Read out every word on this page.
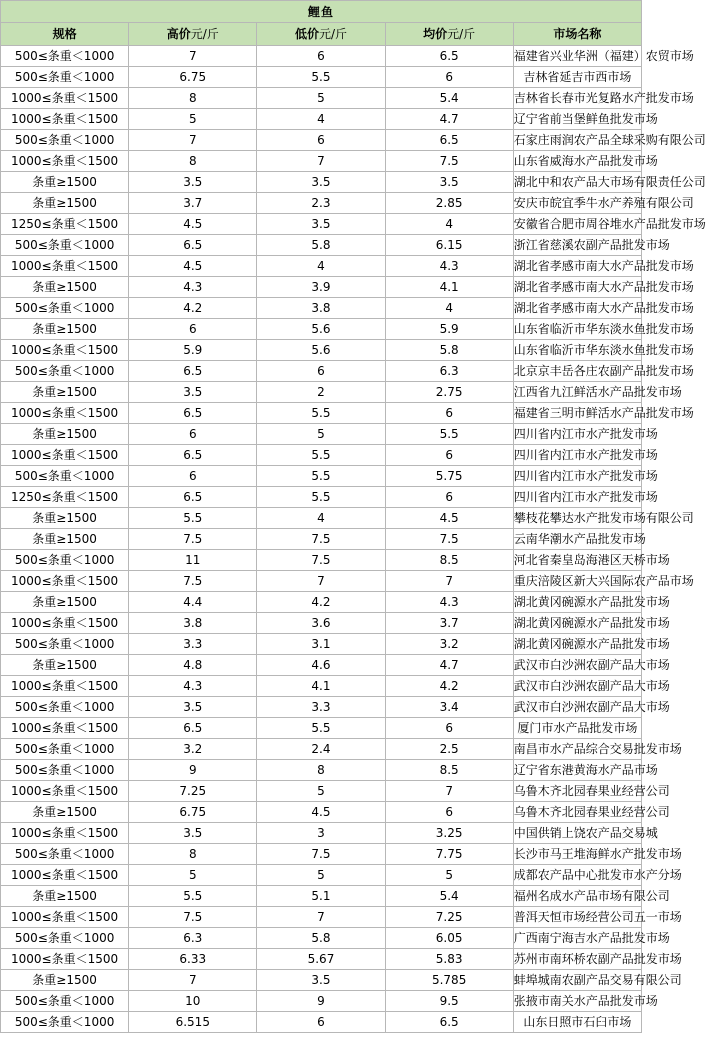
鲤鱼				
规格	高价元/斤	低价元/斤	均价元/斤	市场名称
500≤条重＜1000	7	6	6.5	福建省兴业华洲（福建）农贸市场
500≤条重＜1000	6.75	5.5	6	吉林省延吉市西市场
1000≤条重＜1500	8	5	5.4	吉林省长春市光复路水产批发市场
1000≤条重＜1500	5	4	4.7	辽宁省前当堡鲜鱼批发市场
500≤条重＜1000	7	6	6.5	石家庄雨润农产品全球采购有限公司
1000≤条重＜1500	8	7	7.5	山东省威海水产品批发市场
条重≥1500	3.5	3.5	3.5	湖北中和农产品大市场有限责任公司
条重≥1500	3.7	2.3	2.85	安庆市皖宜季牛水产养殖有限公司
1250≤条重＜1500	4.5	3.5	4	安徽省合肥市周谷堆水产品批发市场
500≤条重＜1000	6.5	5.8	6.15	浙江省慈溪农副产品批发市场
1000≤条重＜1500	4.5	4	4.3	湖北省孝感市南大水产品批发市场
条重≥1500	4.3	3.9	4.1	湖北省孝感市南大水产品批发市场
500≤条重＜1000	4.2	3.8	4	湖北省孝感市南大水产品批发市场
条重≥1500	6	5.6	5.9	山东省临沂市华东淡水鱼批发市场
1000≤条重＜1500	5.9	5.6	5.8	山东省临沂市华东淡水鱼批发市场
500≤条重＜1000	6.5	6	6.3	北京京丰岳各庄农副产品批发市场
条重≥1500	3.5	2	2.75	江西省九江鲜活水产品批发市场
1000≤条重＜1500	6.5	5.5	6	福建省三明市鲜活水产品批发市场
条重≥1500	6	5	5.5	四川省内江市水产批发市场
1000≤条重＜1500	6.5	5.5	6	四川省内江市水产批发市场
500≤条重＜1000	6	5.5	5.75	四川省内江市水产批发市场
1250≤条重＜1500	6.5	5.5	6	四川省内江市水产批发市场
条重≥1500	5.5	4	4.5	攀枝花攀达水产批发市场有限公司
条重≥1500	7.5	7.5	7.5	云南华潮水产品批发市场
500≤条重＜1000	11	7.5	8.5	河北省秦皇岛海港区天桥市场
1000≤条重＜1500	7.5	7	7	重庆涪陵区新大兴国际农产品市场
条重≥1500	4.4	4.2	4.3	湖北黄冈碗源水产品批发市场
1000≤条重＜1500	3.8	3.6	3.7	湖北黄冈碗源水产品批发市场
500≤条重＜1000	3.3	3.1	3.2	湖北黄冈碗源水产品批发市场
条重≥1500	4.8	4.6	4.7	武汉市白沙洲农副产品大市场
1000≤条重＜1500	4.3	4.1	4.2	武汉市白沙洲农副产品大市场
500≤条重＜1000	3.5	3.3	3.4	武汉市白沙洲农副产品大市场
1000≤条重＜1500	6.5	5.5	6	厦门市水产品批发市场
500≤条重＜1000	3.2	2.4	2.5	南昌市水产品综合交易批发市场
500≤条重＜1000	9	8	8.5	辽宁省东港黄海水产品市场
1000≤条重＜1500	7.25	5	7	乌鲁木齐北园春果业经营公司
条重≥1500	6.75	4.5	6	乌鲁木齐北园春果业经营公司
1000≤条重＜1500	3.5	3	3.25	中国供销上饶农产品交易城
500≤条重＜1000	8	7.5	7.75	长沙市马王堆海鲜水产批发市场
1000≤条重＜1500	5	5	5	成都农产品中心批发市水产分场
条重≥1500	5.5	5.1	5.4	福州名成水产品市场有限公司
1000≤条重＜1500	7.5	7	7.25	普洱天恒市场经营公司五一市场
500≤条重＜1000	6.3	5.8	6.05	广西南宁海吉水产品批发市场
1000≤条重＜1500	6.33	5.67	5.83	苏州市南环桥农副产品批发市场
条重≥1500	7	3.5	5.785	蚌埠城南农副产品交易有限公司
500≤条重＜1000	10	9	9.5	张掖市南关水产品批发市场
500≤条重＜1000	6.515	6	6.5	山东日照市石臼市场
